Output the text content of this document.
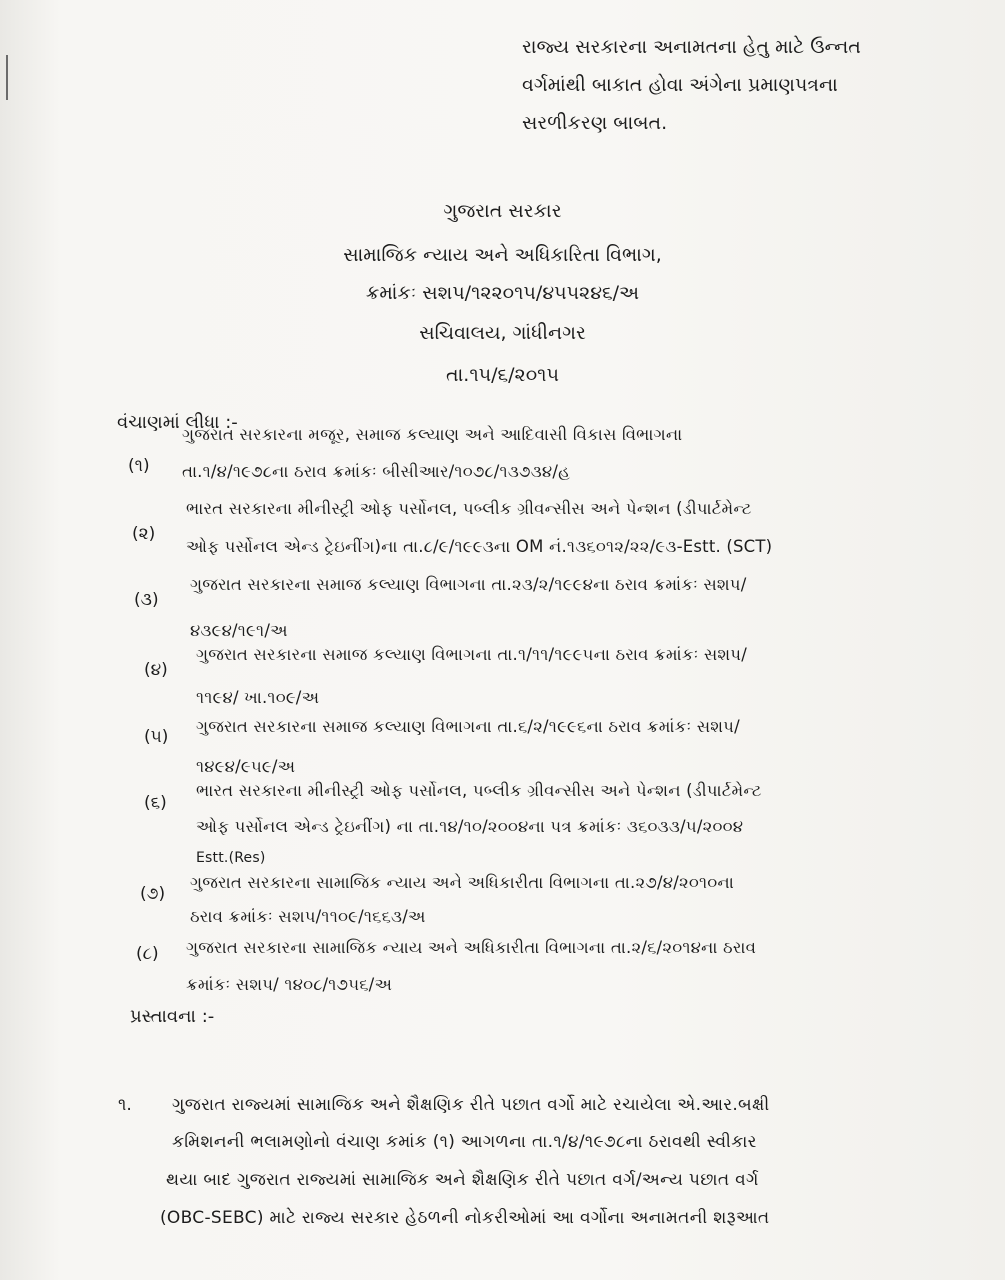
રાજ્ય સરકારના અનામતના હેતુ માટે ઉન્નત
વર્ગમાંથી બાકાત હોવા અંગેના પ્રમાણપત્રના
સરળીકરણ બાબત.
ગુજરાત સરકાર
સામાજિક ન્યાય અને અધિકારિતા વિભાગ,
ક્રમાંકઃ સશપ/૧૨૨૦૧૫/૪૫૫૨૪૬/અ
સચિવાલય, ગાંધીનગર
તા.૧૫/૬/૨૦૧૫
વંચાણમાં લીધા :-
(૧)
ગુજરાત સરકારના મજૂર, સમાજ કલ્યાણ અને આદિવાસી વિકાસ વિભાગના
તા.૧/૪/૧૯૭૮ના ઠરાવ ક્રમાંકઃ બીસીઆર/૧૦૭૮/૧૩૭૩૪/હ
(૨)
ભારત સરકારના મીનીસ્ટ્રી ઓફ પર્સોનલ, પબ્લીક ગ્રીવન્સીસ અને પેન્શન (ડીપાર્ટમેન્ટ
ઓફ પર્સોનલ એન્ડ ટ્રેઇનીંગ)ના તા.૮/૯/૧૯૯૩ના OM નં.૧૩૬૦૧૨/૨૨/૯૩-Estt. (SCT)
(૩)
ગુજરાત સરકારના સમાજ કલ્યાણ વિભાગના તા.૨૩/૨/૧૯૯૪ના ઠરાવ ક્રમાંકઃ સશપ/
૪૩૯૪/૧૯૧/અ
(૪)
ગુજરાત સરકારના સમાજ કલ્યાણ વિભાગના તા.૧/૧૧/૧૯૯૫ના ઠરાવ ક્રમાંકઃ સશપ/
૧૧૯૪/ ખા.૧૦૯/અ
(૫)
ગુજરાત સરકારના સમાજ કલ્યાણ વિભાગના તા.૬/૨/૧૯૯૬ના ઠરાવ ક્રમાંકઃ સશપ/
૧૪૯૪/૯૫૯/અ
(૬)
ભારત સરકારના મીનીસ્ટ્રી ઓફ પર્સોનલ, પબ્લીક ગ્રીવન્સીસ અને પેન્શન (ડીપાર્ટમેન્ટ
ઓફ પર્સોનલ એન્ડ ટ્રેઇનીંગ) ના તા.૧૪/૧૦/૨૦૦૪ના પત્ર ક્રમાંકઃ ૩૬૦૩૩/૫/૨૦૦૪
Estt.(Res)
(૭)
ગુજરાત સરકારના સામાજિક ન્યાય અને અધિકારીતા વિભાગના તા.૨૭/૪/૨૦૧૦ના
ઠરાવ ક્રમાંકઃ સશપ/૧૧૦૯/૧૬૬૩/અ
(૮) ગુજરાત સરકારના સામાજિક ન્યાય અને અધિકારીતા વિભાગના તા.૨/૬/૨૦૧૪ના ઠરાવ
ક્રમાંકઃ સશપ/ ૧૪૦૮/૧૭૫૬/અ
પ્રસ્તાવના :-
૧. ગુજરાત રાજ્યમાં સામાજિક અને શૈક્ષણિક રીતે પછાત વર્ગો માટે રચાયેલા એ.આર.બક્ષી
કમિશનની ભલામણોનો વંચાણ કમાંક (૧) આગળના તા.૧/૪/૧૯૭૮ના ઠરાવથી સ્વીકાર
થયા બાદ ગુજરાત રાજ્યમાં સામાજિક અને શૈક્ષણિક રીતે પછાત વર્ગ/અન્ય પછાત વર્ગ
(OBC-SEBC) માટે રાજ્ય સરકાર હેઠળની નોકરીઓમાં આ વર્ગોના અનામતની શરૂઆત
